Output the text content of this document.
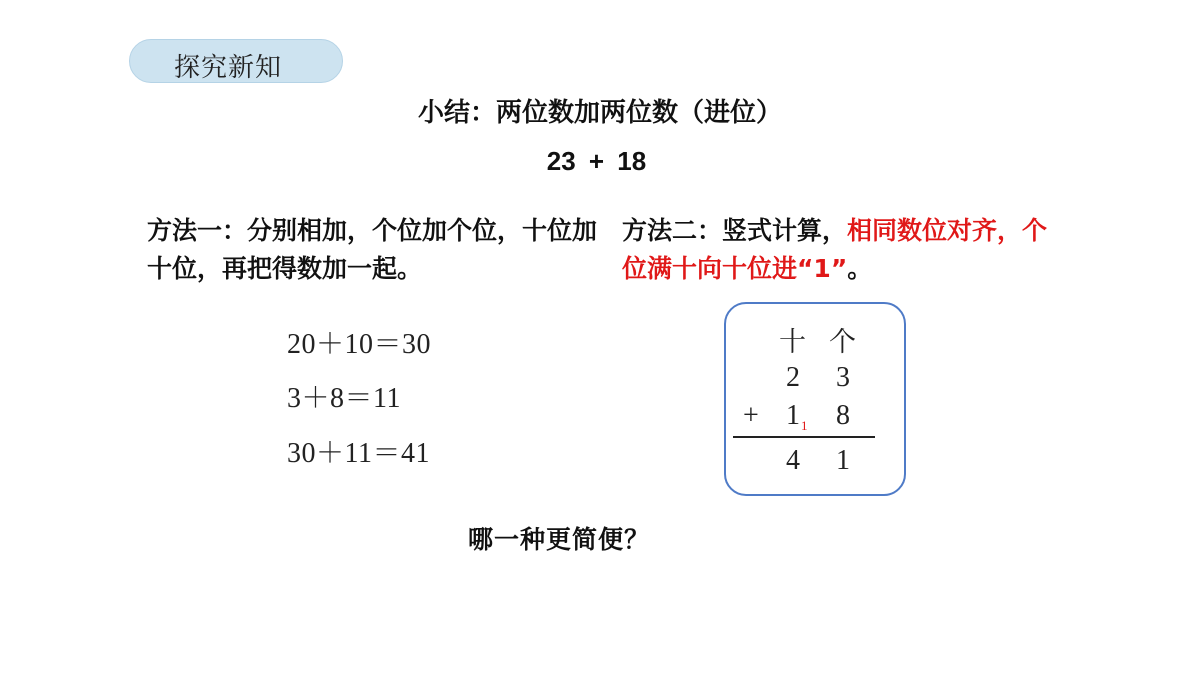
探究新知
小结：两位数加两位数（进位）
23 + 18
方法一：分别相加，个位加个位，十位加十位，再把得数加一起。
方法二：竖式计算，相同数位对齐，个位满十向十位进“1”。
20＋10＝30
3＋8＝11
30＋11＝41
十 个
2 3
+ 1 1 8
4 1
哪一种更简便？
